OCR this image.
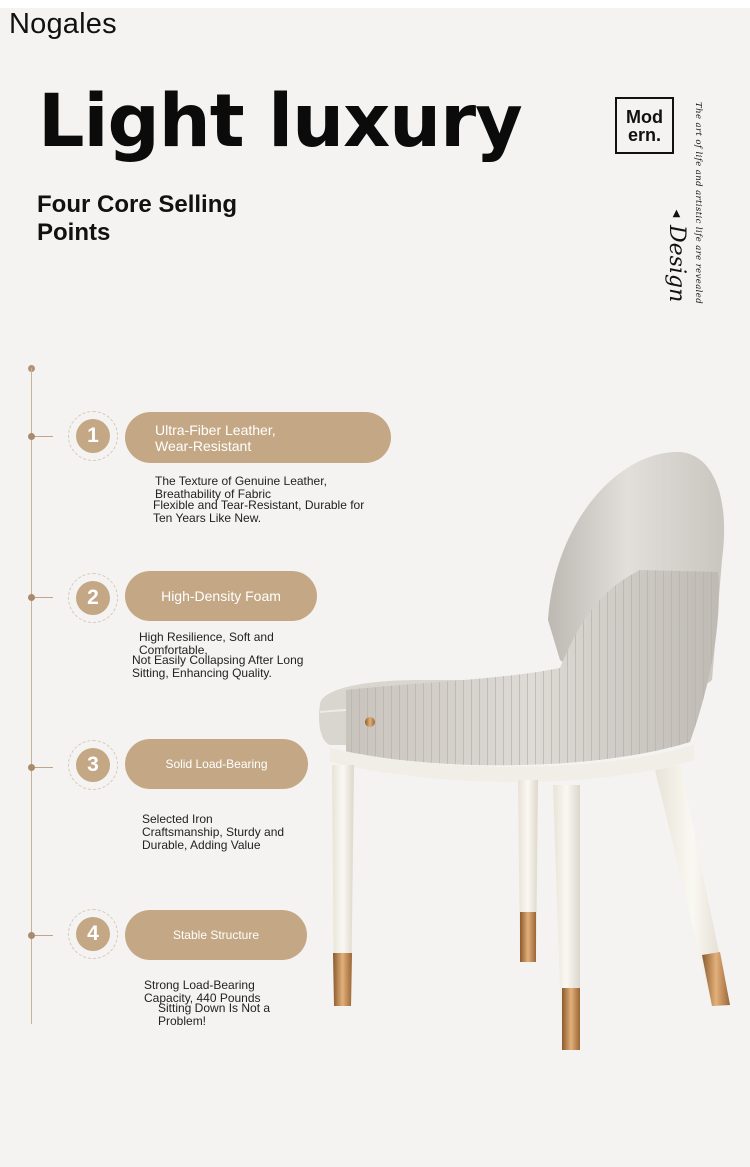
Nogales
Light luxury
Four Core Selling Points
Mod
ern.	The art of life and artistic life are revealed
▲
Design
1	Ultra-Fiber Leather, Wear-Resistant
The Texture of Genuine Leather, Breathability of Fabric
Flexible and Tear-Resistant, Durable for Ten Years Like New.
2	High-Density Foam
High Resilience, Soft and Comfortable,
Not Easily Collapsing After Long Sitting, Enhancing Quality.
3	Solid Load-Bearing
Selected Iron Craftsmanship, Sturdy and Durable, Adding Value
4	Stable Structure
Strong Load-Bearing Capacity, 440 Pounds
Sitting Down Is Not a Problem!
